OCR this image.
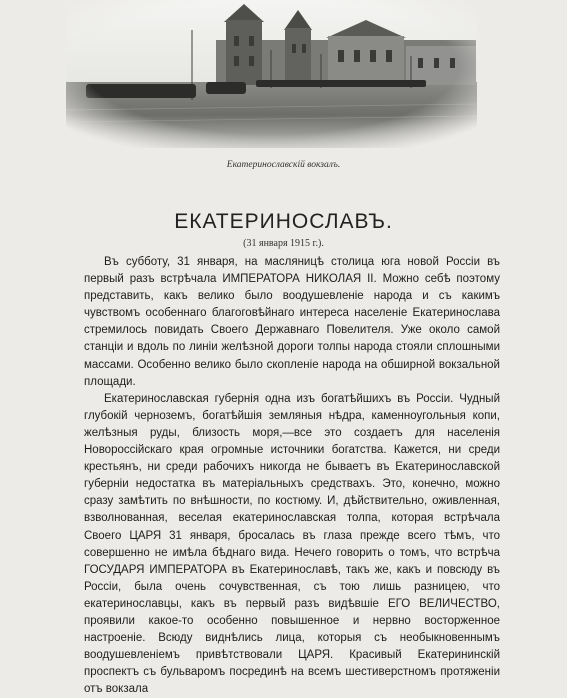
Екатеринославскій вокзалъ.
ЕКАТЕРИНОСЛАВЪ.
(31 января 1915 г.).

Въ субботу, 31 января, на масляницѣ столица юга новой Россіи въ первый разъ встрѣчала ИМПЕРАТОРА НИКОЛАЯ II. Можно себѣ поэтому представить, какъ велико было воодушевленіе народа и съ какимъ чувствомъ особеннаго благоговѣйнаго интереса населеніе Екатеринослава стремилось повидать Своего Державнаго Повелителя. Уже около самой станціи и вдоль по линіи желѣзной дороги толпы народа стояли сплошными массами. Особенно велико было скопленіе народа на обширной вокзальной площади.

Екатеринославская губернія одна изъ богатѣйшихъ въ Россіи. Чудный глубокій черноземъ, богатѣйшія земляныя нѣдра, каменноугольныя копи, желѣзныя руды, близость моря,—все это создаетъ для населенія Новороссійскаго края огромные источники богатства. Кажется, ни среди крестьянъ, ни среди рабочихъ никогда не бываетъ въ Екатеринославской губерніи недостатка въ матеріальныхъ средствахъ. Это, конечно, можно сразу замѣтить по внѣшности, по костюму. И, дѣйствительно, оживленная, взволнованная, веселая екатеринославская толпа, которая встрѣчала Своего ЦАРЯ 31 января, бросалась въ глаза прежде всего тѣмъ, что совершенно не имѣла бѣднаго вида. Нечего говорить о томъ, что встрѣча ГОСУДАРЯ ИМПЕРАТОРА въ Екатеринославѣ, такъ же, какъ и повсюду въ Россіи, была очень сочувственная, съ тою лишь разницею, что екатеринославцы, какъ въ первый разъ видѣвшіе ЕГО ВЕЛИЧЕСТВО, проявили какое-то особенно повышенное и нервно восторженное настроеніе. Всюду виднѣлись лица, которыя съ необыкновеннымъ воодушевленіемъ привѣтствовали ЦАРЯ. Красивый Екатерининскій проспектъ съ бульваромъ посрединѣ на всемъ шестиверстномъ протяженіи отъ вокзала
